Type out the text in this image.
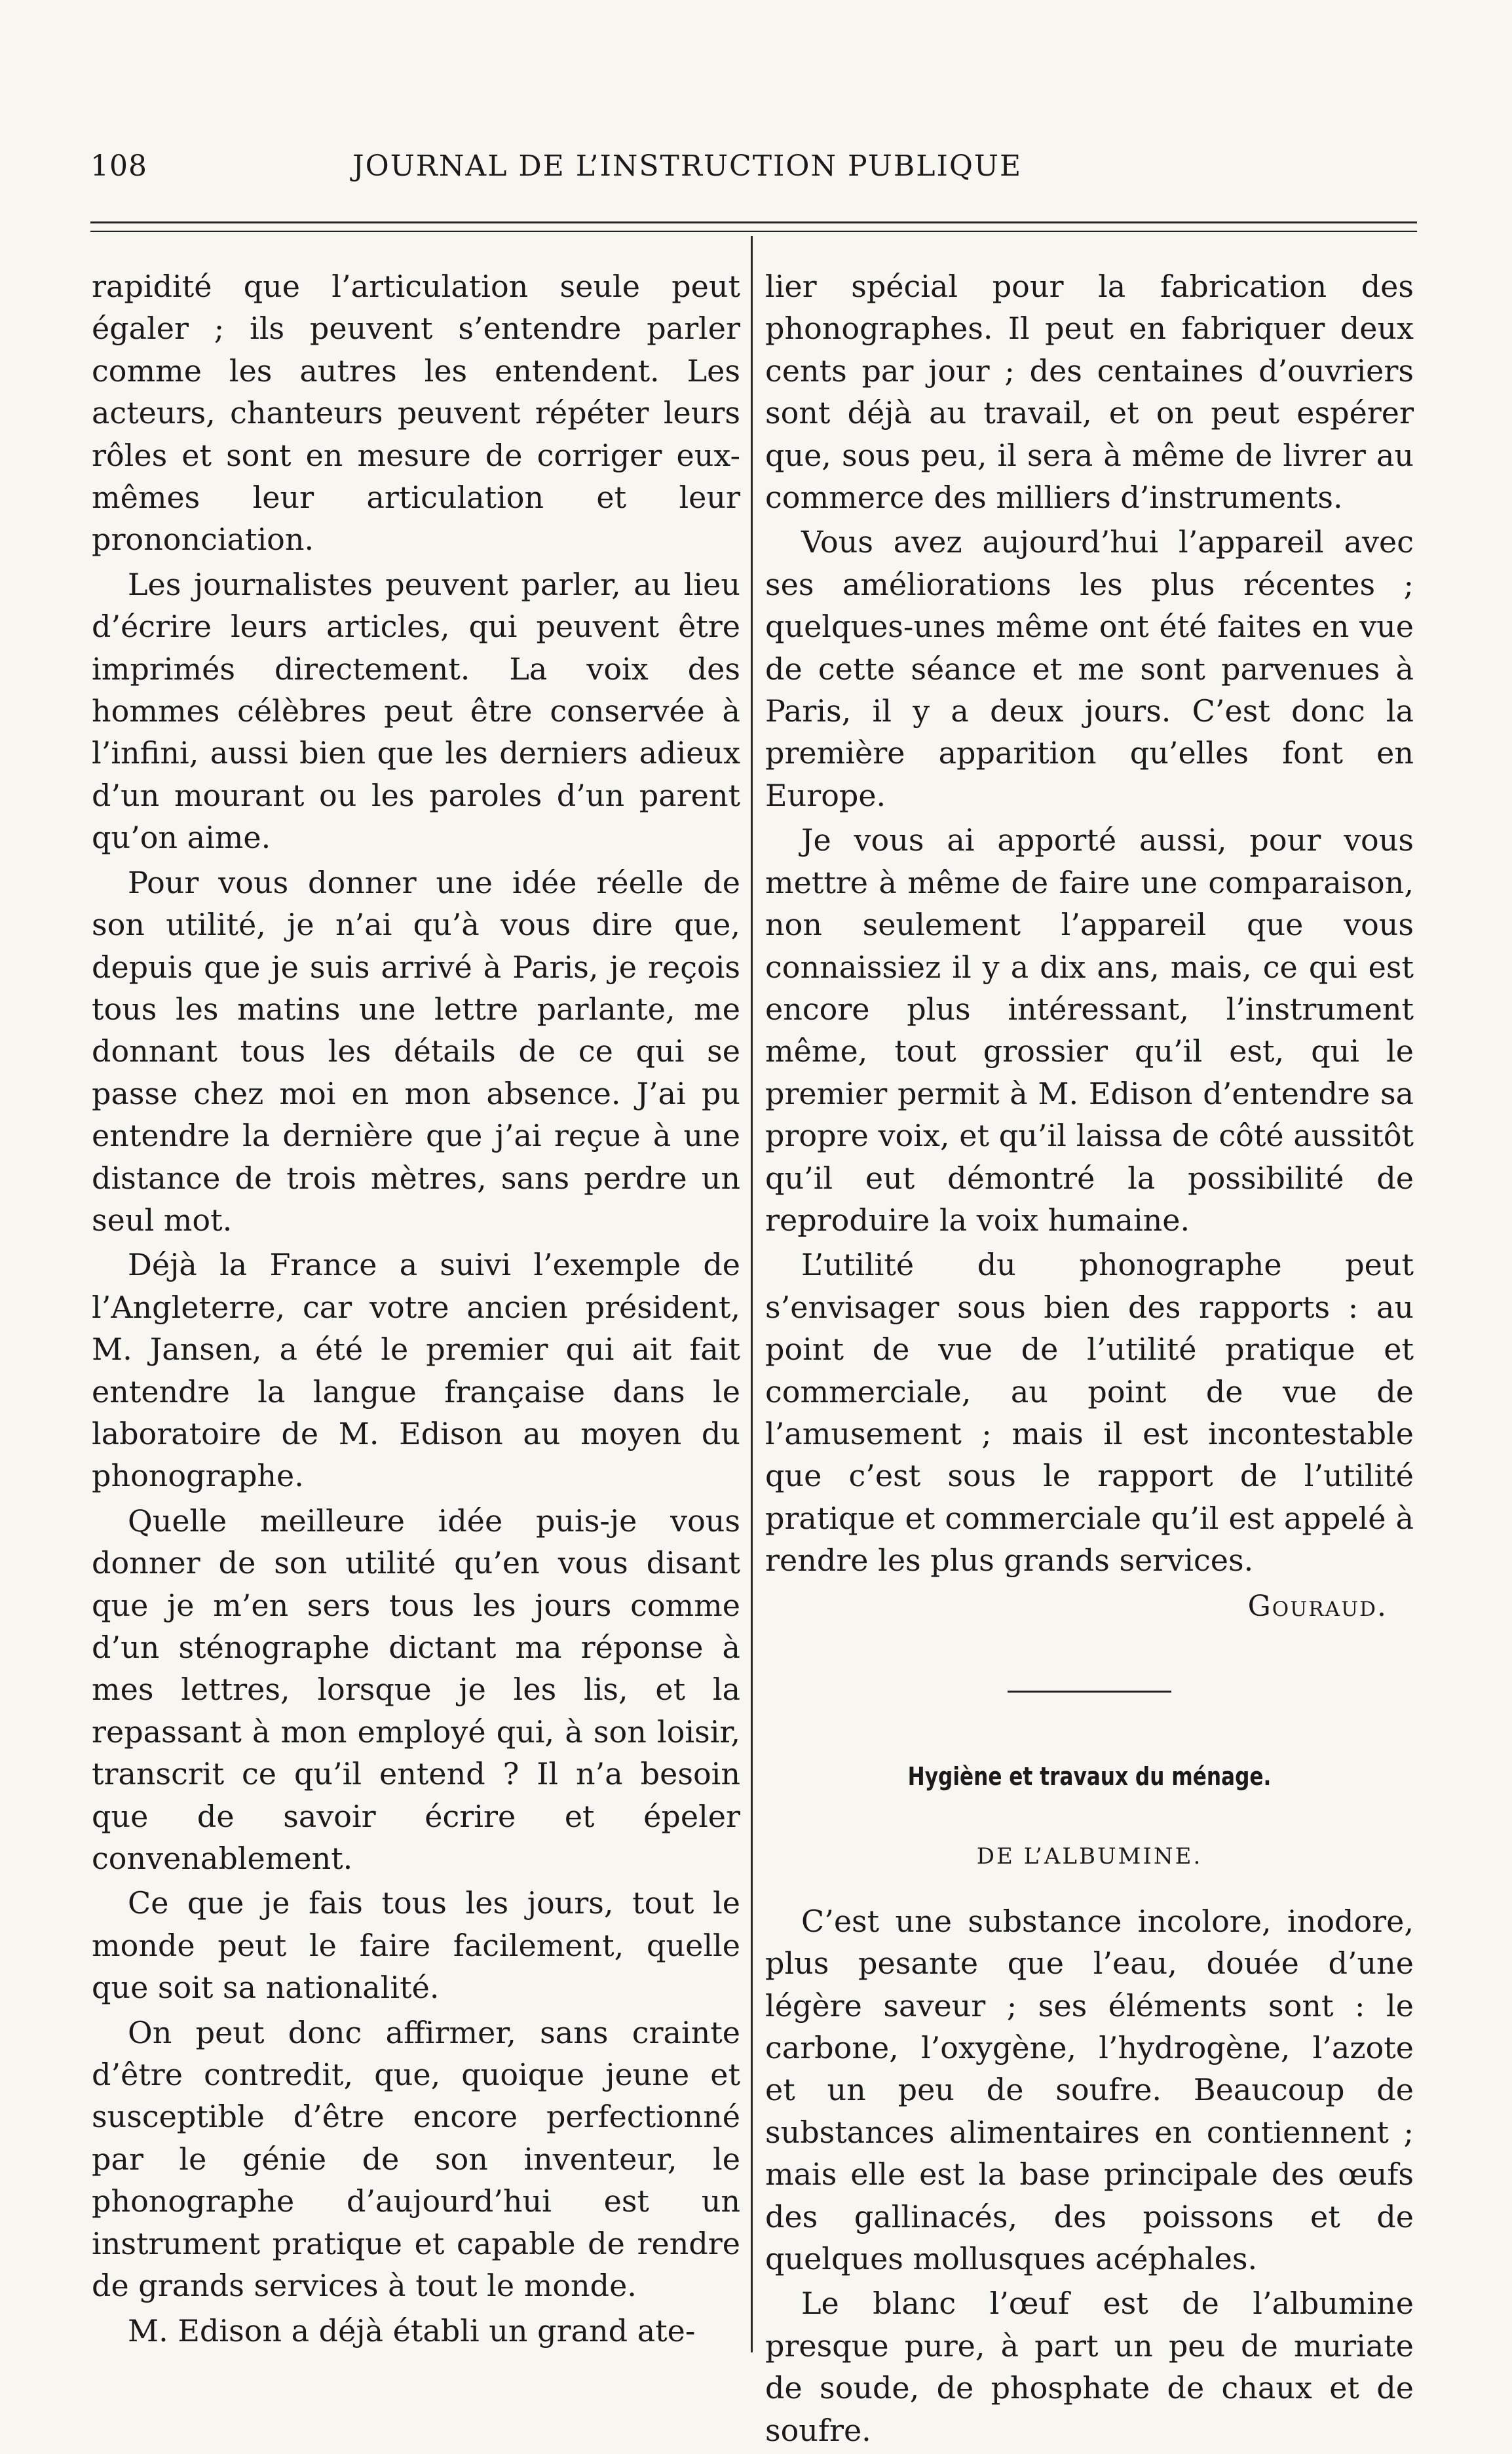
108	JOURNAL DE L’INSTRUCTION PUBLIQUE

rapidité que l’articulation seule peut égaler ; ils peuvent s’entendre parler comme les autres les entendent. Les acteurs, chanteurs peuvent répéter leurs rôles et sont en mesure de corriger eux-mêmes leur articulation et leur prononciation.

Les journalistes peuvent parler, au lieu d’écrire leurs articles, qui peuvent être imprimés directement. La voix des hommes célèbres peut être conservée à l’infini, aussi bien que les derniers adieux d’un mourant ou les paroles d’un parent qu’on aime.

Pour vous donner une idée réelle de son utilité, je n’ai qu’à vous dire que, depuis que je suis arrivé à Paris, je reçois tous les matins une lettre parlante, me donnant tous les détails de ce qui se passe chez moi en mon absence. J’ai pu entendre la dernière que j’ai reçue à une distance de trois mètres, sans perdre un seul mot.

Déjà la France a suivi l’exemple de l’Angleterre, car votre ancien président, M. Jansen, a été le premier qui ait fait entendre la langue française dans le laboratoire de M. Edison au moyen du phonographe.

Quelle meilleure idée puis-je vous donner de son utilité qu’en vous disant que je m’en sers tous les jours comme d’un sténographe dictant ma réponse à mes lettres, lorsque je les lis, et la repassant à mon employé qui, à son loisir, transcrit ce qu’il entend ? Il n’a besoin que de savoir écrire et épeler convenablement.

Ce que je fais tous les jours, tout le monde peut le faire facilement, quelle que soit sa nationalité.

On peut donc affirmer, sans crainte d’être contredit, que, quoique jeune et susceptible d’être encore perfectionné par le génie de son inventeur, le phonographe d’aujourd’hui est un instrument pratique et capable de rendre de grands services à tout le monde.

M. Edison a déjà établi un grand ate-

lier spécial pour la fabrication des phonographes. Il peut en fabriquer deux cents par jour ; des centaines d’ouvriers sont déjà au travail, et on peut espérer que, sous peu, il sera à même de livrer au commerce des milliers d’instruments.

Vous avez aujourd’hui l’appareil avec ses améliorations les plus récentes ; quelques-unes même ont été faites en vue de cette séance et me sont parvenues à Paris, il y a deux jours. C’est donc la première apparition qu’elles font en Europe.

Je vous ai apporté aussi, pour vous mettre à même de faire une comparaison, non seulement l’appareil que vous connaissiez il y a dix ans, mais, ce qui est encore plus intéressant, l’instrument même, tout grossier qu’il est, qui le premier permit à M. Edison d’entendre sa propre voix, et qu’il laissa de côté aussitôt qu’il eut démontré la possibilité de reproduire la voix humaine.

L’utilité du phonographe peut s’envisager sous bien des rapports : au point de vue de l’utilité pratique et commerciale, au point de vue de l’amusement ; mais il est incontestable que c’est sous le rapport de l’utilité pratique et commerciale qu’il est appelé à rendre les plus grands services.

Gouraud.
Hygiène et travaux du ménage.
DE L’ALBUMINE.

C’est une substance incolore, inodore, plus pesante que l’eau, douée d’une légère saveur ; ses éléments sont : le carbone, l’oxygène, l’hydrogène, l’azote et un peu de soufre. Beaucoup de substances alimentaires en contiennent ; mais elle est la base principale des œufs des gallinacés, des poissons et de quelques mollusques acéphales.

Le blanc l’œuf est de l’albumine presque pure, à part un peu de muriate de soude, de phosphate de chaux et de soufre.
